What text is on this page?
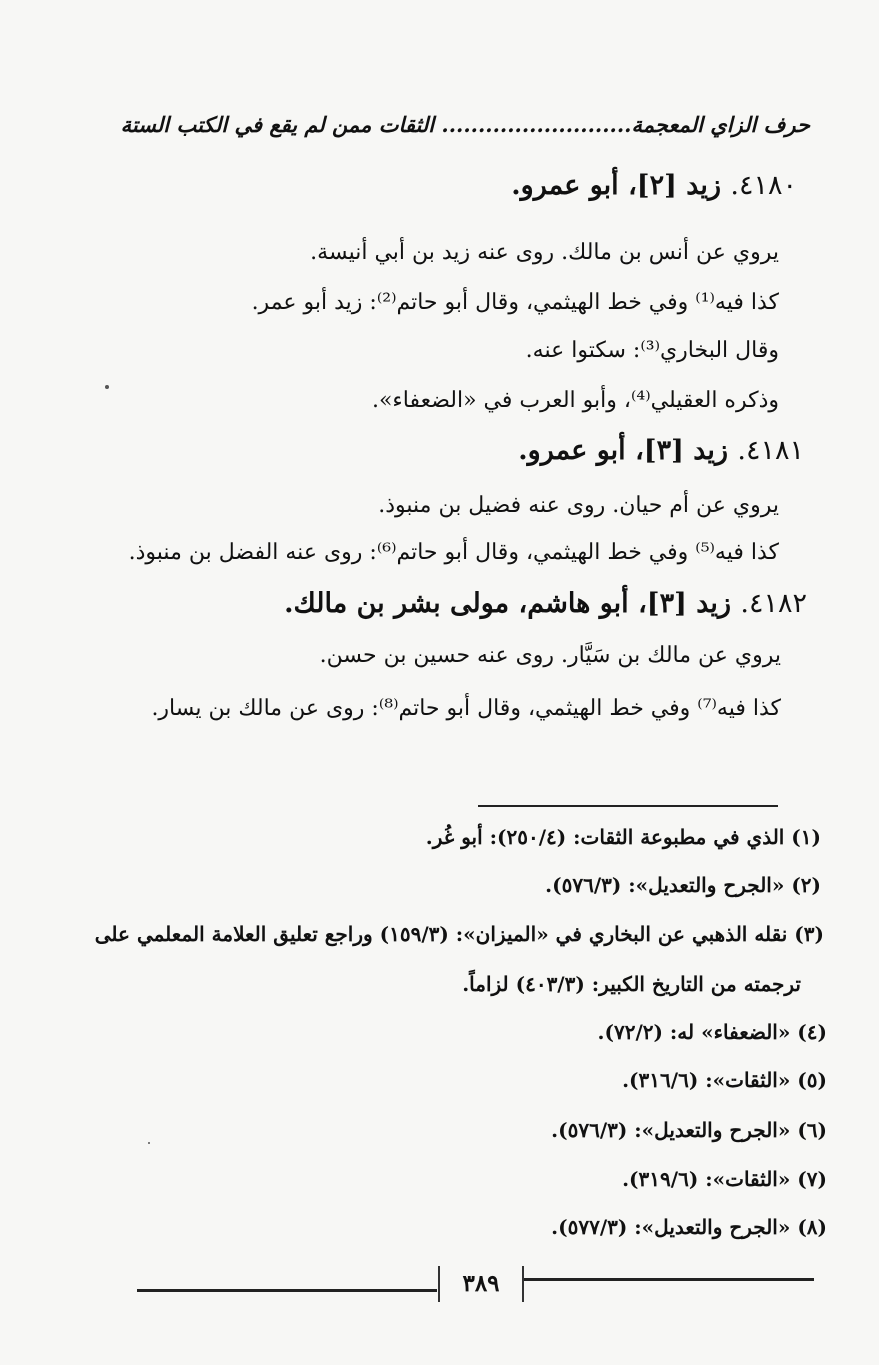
حرف الزاي المعجمة.......................... الثقات ممن لم يقع في الكتب الستة
٤١٨٠. زيد [٢]، أبو عمرو.
يروي عن أنس بن مالك. روى عنه زيد بن أبي أنيسة.
كذا فيه⁽¹⁾ وفي خط الهيثمي، وقال أبو حاتم⁽²⁾: زيد أبو عمر.
وقال البخاري⁽³⁾: سكتوا عنه.
وذكره العقيلي⁽⁴⁾، وأبو العرب في «الضعفاء».
٤١٨١. زيد [٣]، أبو عمرو.
يروي عن أم حيان. روى عنه فضيل بن منبوذ.
كذا فيه⁽⁵⁾ وفي خط الهيثمي، وقال أبو حاتم⁽⁶⁾: روى عنه الفضل بن منبوذ.
٤١٨٢. زيد [٣]، أبو هاشم، مولى بشر بن مالك.
يروي عن مالك بن سَيَّار. روى عنه حسين بن حسن.
كذا فيه⁽⁷⁾ وفي خط الهيثمي، وقال أبو حاتم⁽⁸⁾: روى عن مالك بن يسار.
(١) الذي في مطبوعة الثقات: (٢٥٠/٤): أبو غُر.
(٢) «الجرح والتعديل»: (٥٧٦/٣).
(٣) نقله الذهبي عن البخاري في «الميزان»: (١٥٩/٣) وراجع تعليق العلامة المعلمي على
ترجمته من التاريخ الكبير: (٤٠٣/٣) لزاماً.
(٤) «الضعفاء» له: (٧٢/٢).
(٥) «الثقات»: (٣١٦/٦).
(٦) «الجرح والتعديل»: (٥٧٦/٣).
(٧) «الثقات»: (٣١٩/٦).
(٨) «الجرح والتعديل»: (٥٧٧/٣).
٣٨٩
